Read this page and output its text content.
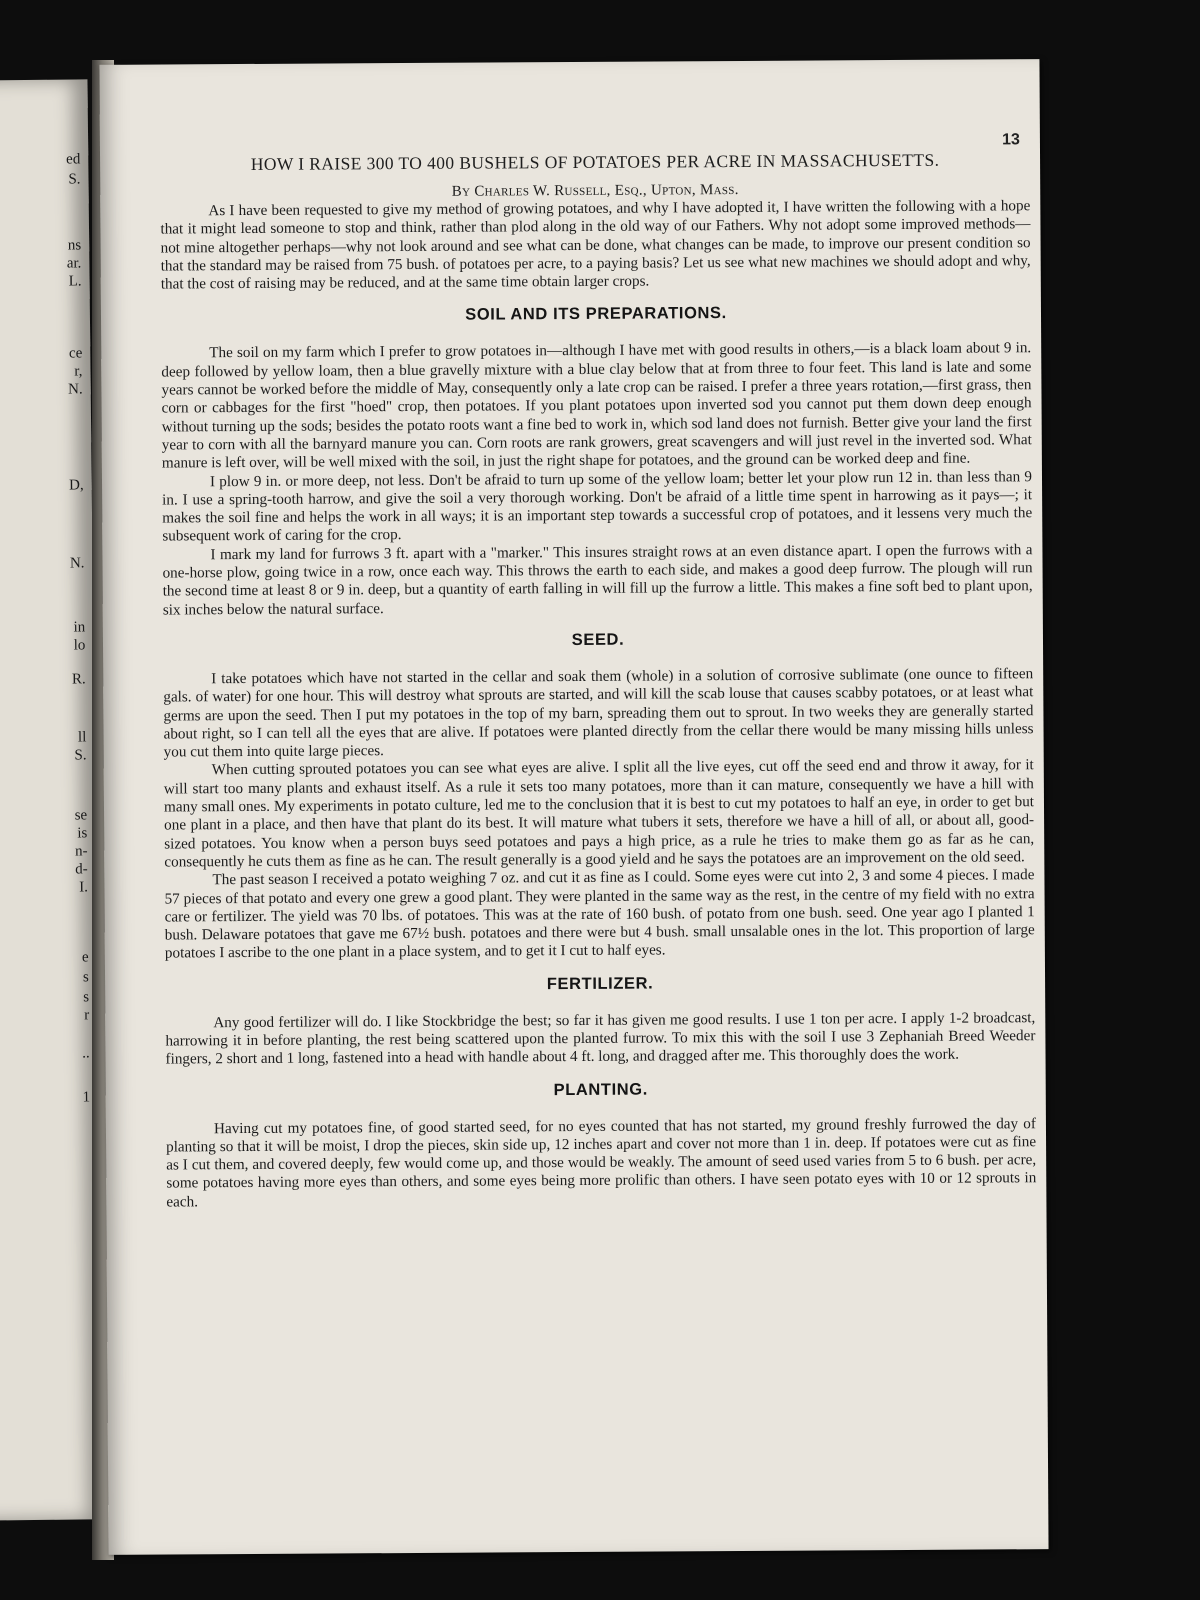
ed
S.
ns
ar.
L.
ce
r,
N.
D,
N.
in
lo
R.
ll
S.
se
is
n-
d-
I.
e
s
s
r
..
1
13
HOW I RAISE 300 TO 400 BUSHELS OF POTATOES PER ACRE IN MASSACHUSETTS.
By Charles W. Russell, Esq., Upton, Mass.

As I have been requested to give my method of growing potatoes, and why I have adopted it, I have written the following with a hope that it might lead someone to stop and think, rather than plod along in the old way of our Fathers. Why not adopt some improved methods—not mine altogether perhaps—why not look around and see what can be done, what changes can be made, to improve our present condition so that the standard may be raised from 75 bush. of potatoes per acre, to a paying basis? Let us see what new machines we should adopt and why, that the cost of raising may be reduced, and at the same time obtain larger crops.

SOIL AND ITS PREPARATIONS.

The soil on my farm which I prefer to grow potatoes in—although I have met with good results in others,—is a black loam about 9 in. deep followed by yellow loam, then a blue gravelly mixture with a blue clay below that at from three to four feet. This land is late and some years cannot be worked before the middle of May, consequently only a late crop can be raised. I prefer a three years rotation,—first grass, then corn or cabbages for the first "hoed" crop, then potatoes. If you plant potatoes upon inverted sod you cannot put them down deep enough without turning up the sods; besides the potato roots want a fine bed to work in, which sod land does not furnish. Better give your land the first year to corn with all the barnyard manure you can. Corn roots are rank growers, great scavengers and will just revel in the inverted sod. What manure is left over, will be well mixed with the soil, in just the right shape for potatoes, and the ground can be worked deep and fine.

I plow 9 in. or more deep, not less. Don't be afraid to turn up some of the yellow loam; better let your plow run 12 in. than less than 9 in. I use a spring-tooth harrow, and give the soil a very thorough working. Don't be afraid of a little time spent in harrowing as it pays—; it makes the soil fine and helps the work in all ways; it is an important step towards a successful crop of potatoes, and it lessens very much the subsequent work of caring for the crop.

I mark my land for furrows 3 ft. apart with a "marker." This insures straight rows at an even distance apart. I open the furrows with a one-horse plow, going twice in a row, once each way. This throws the earth to each side, and makes a good deep furrow. The plough will run the second time at least 8 or 9 in. deep, but a quantity of earth falling in will fill up the furrow a little. This makes a fine soft bed to plant upon, six inches below the natural surface.

SEED.

I take potatoes which have not started in the cellar and soak them (whole) in a solution of corrosive sublimate (one ounce to fifteen gals. of water) for one hour. This will destroy what sprouts are started, and will kill the scab louse that causes scabby potatoes, or at least what germs are upon the seed. Then I put my potatoes in the top of my barn, spreading them out to sprout. In two weeks they are generally started about right, so I can tell all the eyes that are alive. If potatoes were planted directly from the cellar there would be many missing hills unless you cut them into quite large pieces.

When cutting sprouted potatoes you can see what eyes are alive. I split all the live eyes, cut off the seed end and throw it away, for it will start too many plants and exhaust itself. As a rule it sets too many potatoes, more than it can mature, consequently we have a hill with many small ones. My experiments in potato culture, led me to the conclusion that it is best to cut my potatoes to half an eye, in order to get but one plant in a place, and then have that plant do its best. It will mature what tubers it sets, therefore we have a hill of all, or about all, good-sized potatoes. You know when a person buys seed potatoes and pays a high price, as a rule he tries to make them go as far as he can, consequently he cuts them as fine as he can. The result generally is a good yield and he says the potatoes are an improvement on the old seed.

The past season I received a potato weighing 7 oz. and cut it as fine as I could. Some eyes were cut into 2, 3 and some 4 pieces. I made 57 pieces of that potato and every one grew a good plant. They were planted in the same way as the rest, in the centre of my field with no extra care or fertilizer. The yield was 70 lbs. of potatoes. This was at the rate of 160 bush. of potato from one bush. seed. One year ago I planted 1 bush. Delaware potatoes that gave me 67½ bush. potatoes and there were but 4 bush. small unsalable ones in the lot. This proportion of large potatoes I ascribe to the one plant in a place system, and to get it I cut to half eyes.

FERTILIZER.

Any good fertilizer will do. I like Stockbridge the best; so far it has given me good results. I use 1 ton per acre. I apply 1-2 broadcast, harrowing it in before planting, the rest being scattered upon the planted furrow. To mix this with the soil I use 3 Zephaniah Breed Weeder fingers, 2 short and 1 long, fastened into a head with handle about 4 ft. long, and dragged after me. This thoroughly does the work.

PLANTING.

Having cut my potatoes fine, of good started seed, for no eyes counted that has not started, my ground freshly furrowed the day of planting so that it will be moist, I drop the pieces, skin side up, 12 inches apart and cover not more than 1 in. deep. If potatoes were cut as fine as I cut them, and covered deeply, few would come up, and those would be weakly. The amount of seed used varies from 5 to 6 bush. per acre, some potatoes having more eyes than others, and some eyes being more prolific than others. I have seen potato eyes with 10 or 12 sprouts in each.
